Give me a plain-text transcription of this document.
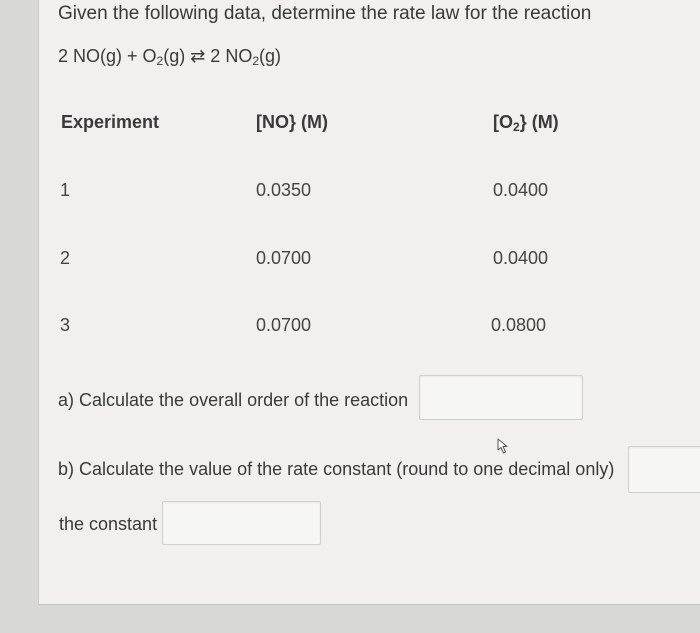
Given the following data, determine the rate law for the reaction
2 $NO(g) + O_2(g)$ ⇄ 2 $NO_2(g)$
Experiment	[NO} (M)	$[O_2\}$ (M)
1	0.0350	0.0400
2	0.0700	0.0400
3	0.0700	0.0800
a) Calculate the overall order of the reaction
b) Calculate the value of the rate constant (round to one decimal only)
the constant
